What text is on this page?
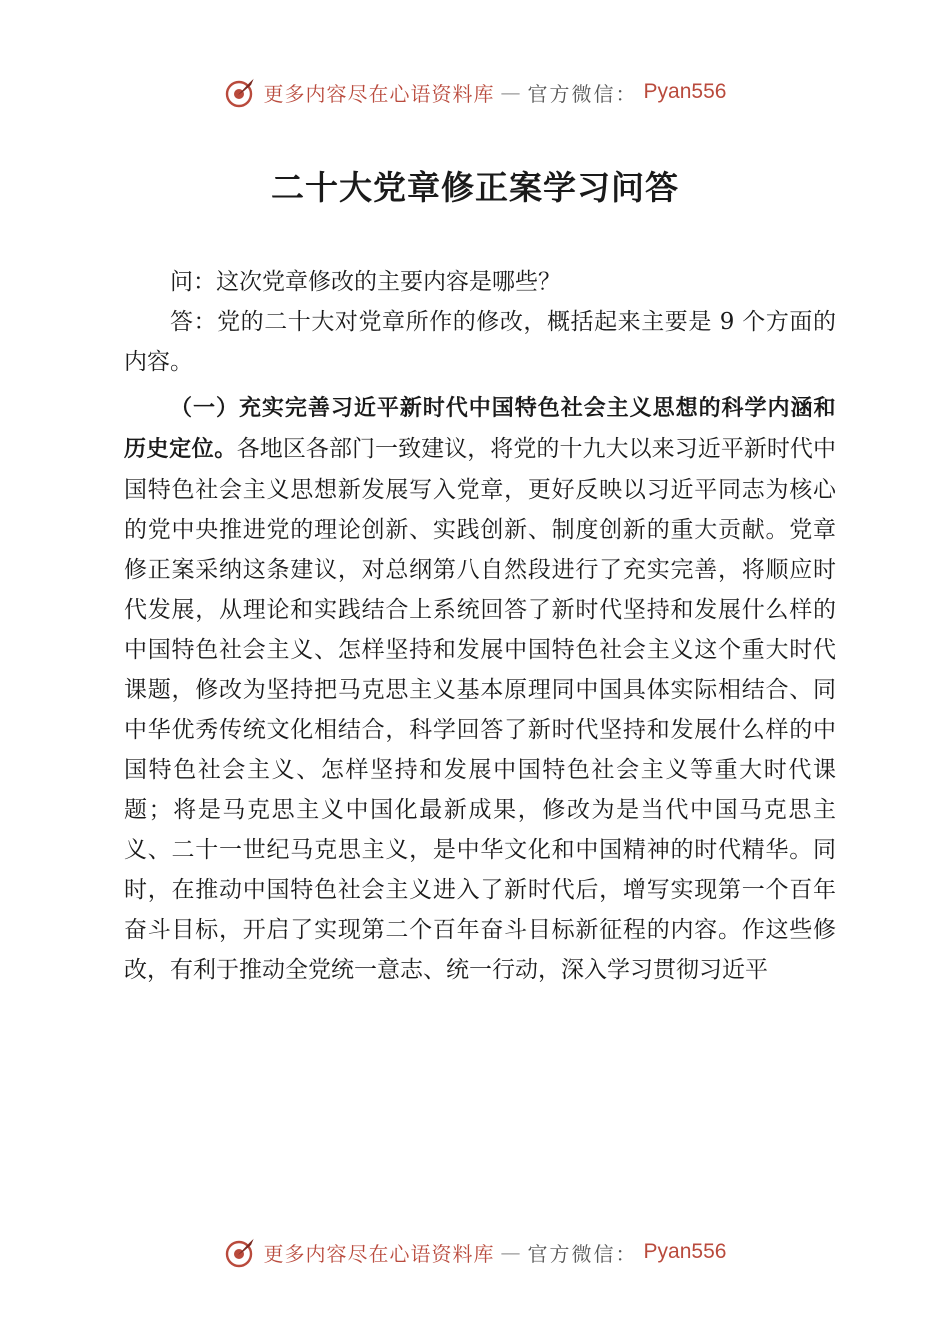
更多内容尽在心语资料库 — 官方微信： Pyan556
二十大党章修正案学习问答

问：这次党章修改的主要内容是哪些？

答：党的二十大对党章所作的修改，概括起来主要是 9 个方面的内容。

（一）充实完善习近平新时代中国特色社会主义思想的科学内涵和历史定位。各地区各部门一致建议，将党的十九大以来习近平新时代中国特色社会主义思想新发展写入党章，更好反映以习近平同志为核心的党中央推进党的理论创新、实践创新、制度创新的重大贡献。党章修正案采纳这条建议，对总纲第八自然段进行了充实完善，将顺应时代发展，从理论和实践结合上系统回答了新时代坚持和发展什么样的中国特色社会主义、怎样坚持和发展中国特色社会主义这个重大时代课题，修改为坚持把马克思主义基本原理同中国具体实际相结合、同中华优秀传统文化相结合，科学回答了新时代坚持和发展什么样的中国特色社会主义、怎样坚持和发展中国特色社会主义等重大时代课题；将是马克思主义中国化最新成果，修改为是当代中国马克思主义、二十一世纪马克思主义，是中华文化和中国精神的时代精华。同时，在推动中国特色社会主义进入了新时代后，增写实现第一个百年奋斗目标，开启了实现第二个百年奋斗目标新征程的内容。作这些修改，有利于推动全党统一意志、统一行动，深入学习贯彻习近平

更多内容尽在心语资料库 — 官方微信： Pyan556
